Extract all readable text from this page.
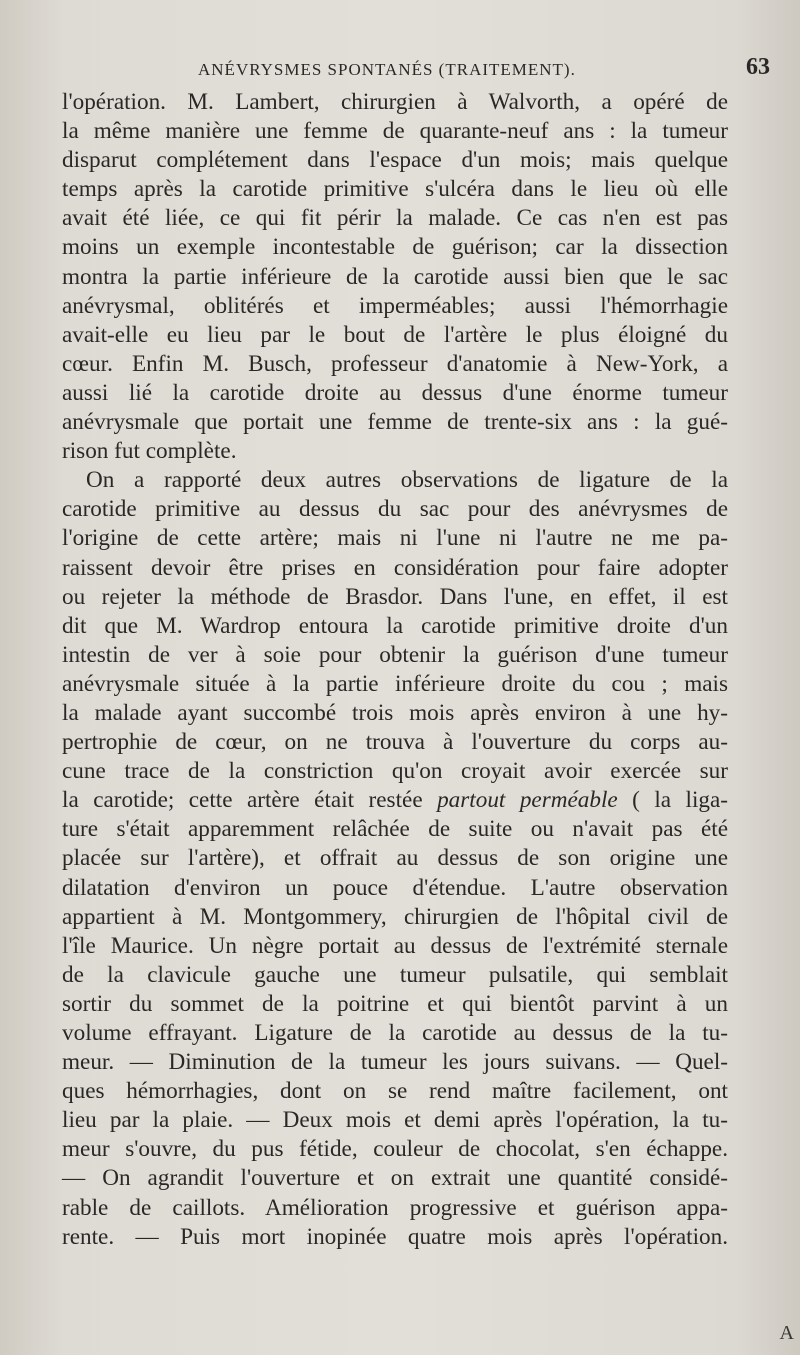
ANÉVRYSMES SPONTANÉS (TRAITEMENT).	63
l'opération. M. Lambert, chirurgien à Walvorth, a opéré de
la même manière une femme de quarante-neuf ans : la tumeur
disparut complétement dans l'espace d'un mois; mais quelque
temps après la carotide primitive s'ulcéra dans le lieu où elle
avait été liée, ce qui fit périr la malade. Ce cas n'en est pas
moins un exemple incontestable de guérison; car la dissection
montra la partie inférieure de la carotide aussi bien que le sac
anévrysmal, oblitérés et imperméables; aussi l'hémorrhagie
avait-elle eu lieu par le bout de l'artère le plus éloigné du
cœur. Enfin M. Busch, professeur d'anatomie à New-York, a
aussi lié la carotide droite au dessus d'une énorme tumeur
anévrysmale que portait une femme de trente-six ans : la gué-
rison fut complète.
On a rapporté deux autres observations de ligature de la
carotide primitive au dessus du sac pour des anévrysmes de
l'origine de cette artère; mais ni l'une ni l'autre ne me pa-
raissent devoir être prises en considération pour faire adopter
ou rejeter la méthode de Brasdor. Dans l'une, en effet, il est
dit que M. Wardrop entoura la carotide primitive droite d'un
intestin de ver à soie pour obtenir la guérison d'une tumeur
anévrysmale située à la partie inférieure droite du cou ; mais
la malade ayant succombé trois mois après environ à une hy-
pertrophie de cœur, on ne trouva à l'ouverture du corps au-
cune trace de la constriction qu'on croyait avoir exercée sur
la carotide; cette artère était restée partout perméable ( la liga-
ture s'était apparemment relâchée de suite ou n'avait pas été
placée sur l'artère), et offrait au dessus de son origine une
dilatation d'environ un pouce d'étendue. L'autre observation
appartient à M. Montgommery, chirurgien de l'hôpital civil de
l'île Maurice. Un nègre portait au dessus de l'extrémité sternale
de la clavicule gauche une tumeur pulsatile, qui semblait
sortir du sommet de la poitrine et qui bientôt parvint à un
volume effrayant. Ligature de la carotide au dessus de la tu-
meur. — Diminution de la tumeur les jours suivans. — Quel-
ques hémorrhagies, dont on se rend maître facilement, ont
lieu par la plaie. — Deux mois et demi après l'opération, la tu-
meur s'ouvre, du pus fétide, couleur de chocolat, s'en échappe.
— On agrandit l'ouverture et on extrait une quantité considé-
rable de caillots. Amélioration progressive et guérison appa-
rente. — Puis mort inopinée quatre mois après l'opération.
A
